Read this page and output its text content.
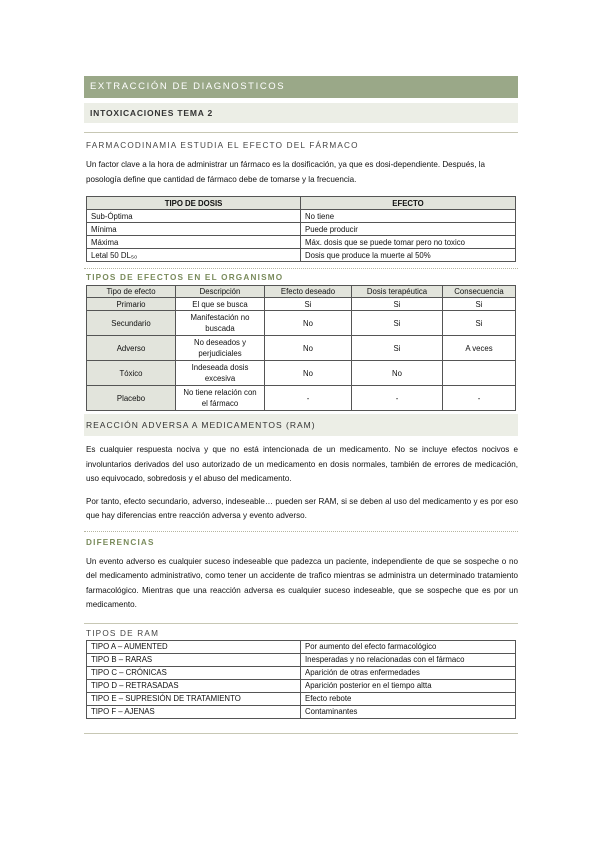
EXTRACCIÓN DE DIAGNOSTICOS
INTOXICACIONES TEMA 2
FARMACODINAMIA ESTUDIA EL EFECTO DEL FÁRMACO

Un factor clave a la hora de administrar un fármaco es la dosificación, ya que es dosi-dependiente. Después, la posología define que cantidad de fármaco debe de tomarse y la frecuencia.

TIPO DE DOSIS	EFECTO
Sub-Óptima	No tiene
Mínima	Puede producir
Máxima	Máx. dosis que se puede tomar pero no toxico
Letal 50 DL₅₀	Dosis que produce la muerte al 50%
TIPOS DE EFECTOS EN EL ORGANISMO
Tipo de efecto	Descripción	Efecto deseado	Dosis terapéutica	Consecuencia
Primario	El que se busca	Si	Si	Si
Secundario	Manifestación no buscada	No	Si	Si
Adverso	No deseados y perjudiciales	No	Si	A veces
Tóxico	Indeseada dosis excesiva	No	No	
Placebo	No tiene relación con el fármaco	-	-	-
REACCIÓN ADVERSA A MEDICAMENTOS (RAM)

Es cualquier respuesta nociva y que no está intencionada de un medicamento. No se incluye efectos nocivos e involuntarios derivados del uso autorizado de un medicamento en dosis normales, también de errores de medicación, uso equivocado, sobredosis y el abuso del medicamento.

Por tanto, efecto secundario, adverso, indeseable… pueden ser RAM, si se deben al uso del medicamento y es por eso que hay diferencias entre reacción adversa y evento adverso.

DIFERENCIAS

Un evento adverso es cualquier suceso indeseable que padezca un paciente, independiente de que se sospeche o no del medicamento administrativo, como tener un accidente de trafico mientras se administra un determinado tratamiento farmacológico. Mientras que una reacción adversa es cualquier suceso indeseable, que se sospeche que es por un medicamento.

TIPOS DE RAM
TIPO A – AUMENTED	Por aumento del efecto farmacológico
TIPO B – RARAS	Inesperadas y no relacionadas con el fármaco
TIPO C – CRÓNICAS	Aparición de otras enfermedades
TIPO D – RETRASADAS	Aparición posterior en el tiempo altta
TIPO E – SUPRESIÓN DE TRATAMIENTO	Efecto rebote
TIPO F – AJENAS	Contaminantes
